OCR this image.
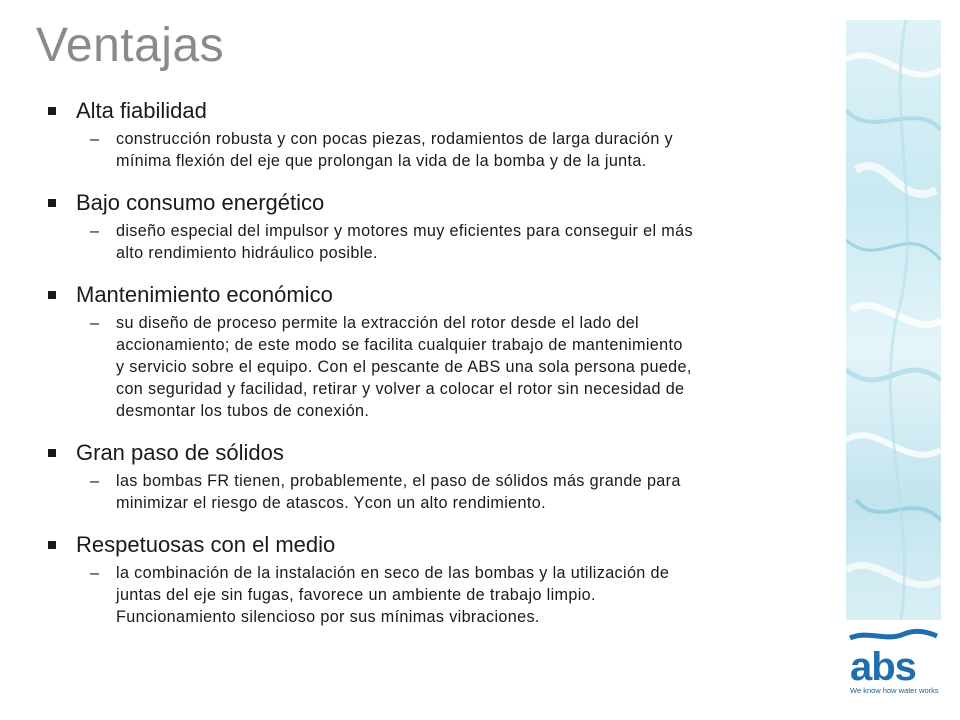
Ventajas
Alta fiabilidad
– construcción robusta y con pocas piezas, rodamientos de larga duración y
mínima flexión del eje que prolongan la vida de la bomba y de la junta.
Bajo consumo energético
– diseño especial del impulsor y motores muy eficientes para conseguir el más
alto rendimiento hidráulico posible.
Mantenimiento económico
– su diseño de proceso permite la extracción del rotor desde el lado del
accionamiento; de este modo se facilita cualquier trabajo de mantenimiento
y servicio sobre el equipo. Con el pescante de ABS una sola persona puede,
con seguridad y facilidad, retirar y volver a colocar el rotor sin necesidad de
desmontar los tubos de conexión.
Gran paso de sólidos
– las bombas FR tienen, probablemente, el paso de sólidos más grande para
minimizar el riesgo de atascos. Ycon un alto rendimiento.
Respetuosas con el medio
– la combinación de la instalación en seco de las bombas y la utilización de
juntas del eje sin fugas, favorece un ambiente de trabajo limpio.
Funcionamiento silencioso por sus mínimas vibraciones.
abs
We know how water works
